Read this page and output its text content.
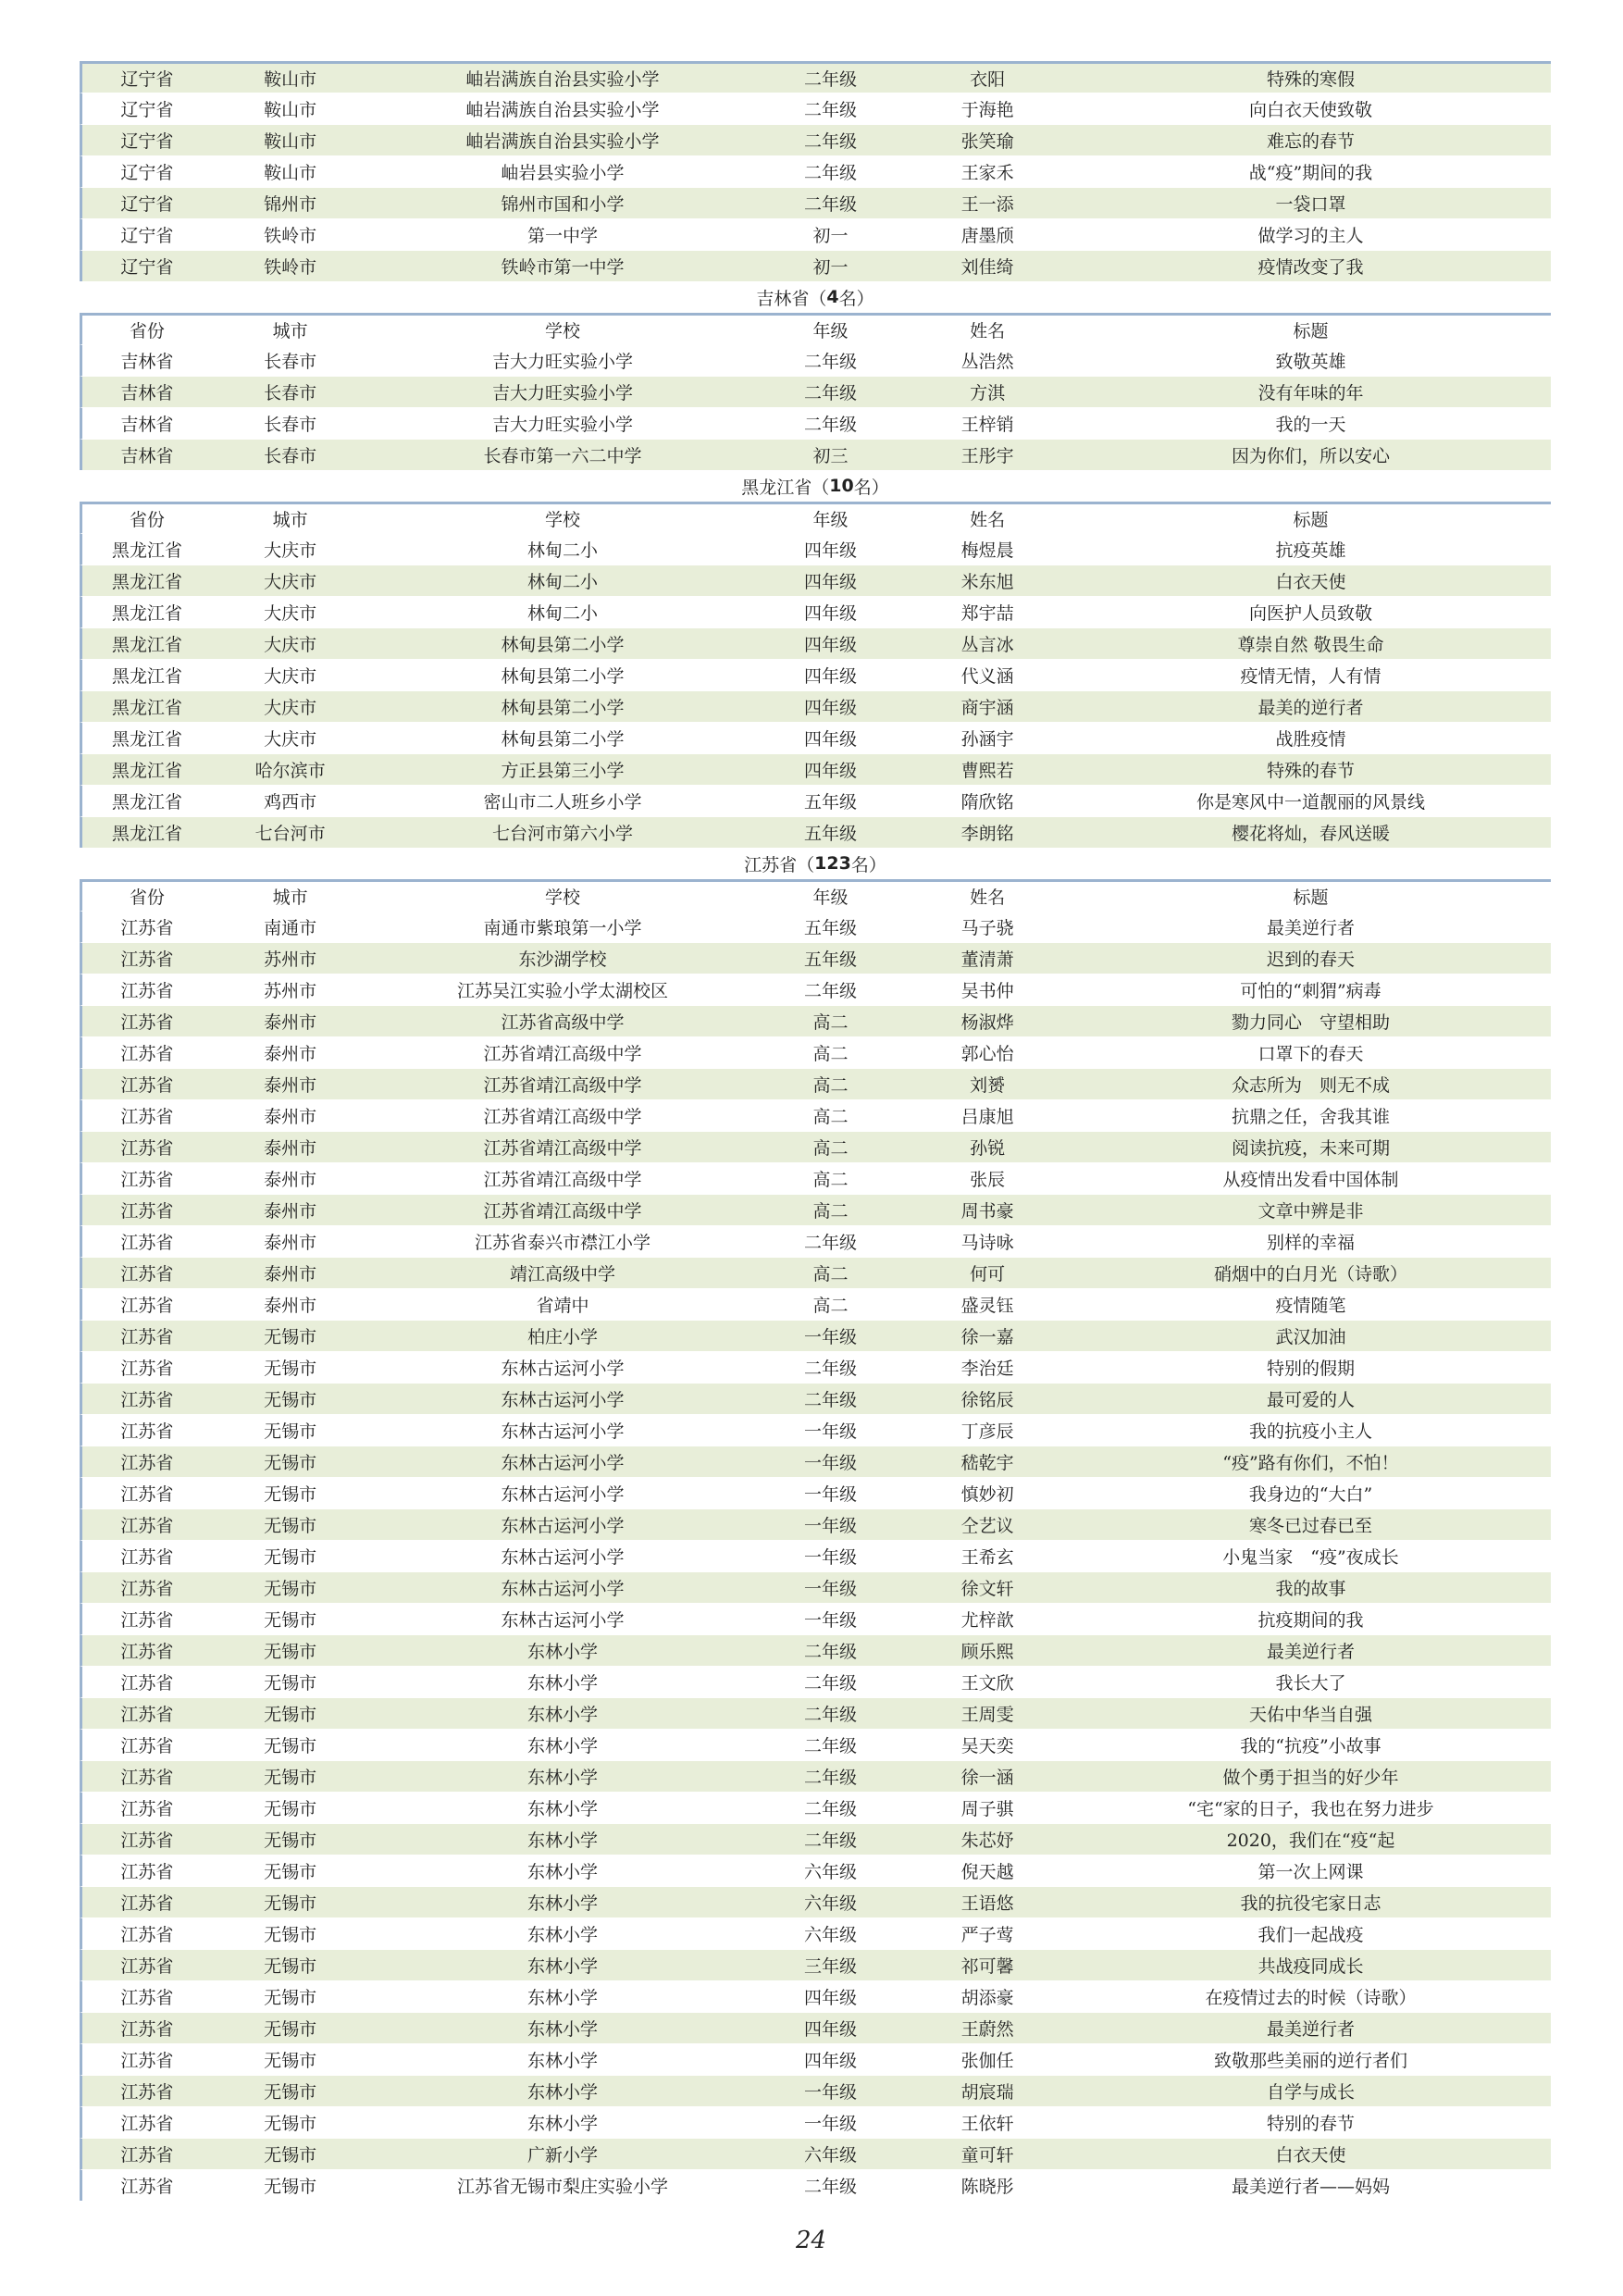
辽宁省	鞍山市	岫岩满族自治县实验小学	二年级	衣阳	特殊的寒假
辽宁省	鞍山市	岫岩满族自治县实验小学	二年级	于海艳	向白衣天使致敬
辽宁省	鞍山市	岫岩满族自治县实验小学	二年级	张笑瑜	难忘的春节
辽宁省	鞍山市	岫岩县实验小学	二年级	王家禾	战“疫”期间的我
辽宁省	锦州市	锦州市国和小学	二年级	王一添	一袋口罩
辽宁省	铁岭市	第一中学	初一	唐墨颀	做学习的主人
辽宁省	铁岭市	铁岭市第一中学	初一	刘佳绮	疫情改变了我
吉林省（ 4 名）
省份	城市	学校	年级	姓名	标题
吉林省	长春市	吉大力旺实验小学	二年级	丛浩然	致敬英雄
吉林省	长春市	吉大力旺实验小学	二年级	方淇	没有年味的年
吉林省	长春市	吉大力旺实验小学	二年级	王梓销	我的一天
吉林省	长春市	长春市第一六二中学	初三	王彤宇	因为你们，所以安心
黑龙江省（ 10 名）
省份	城市	学校	年级	姓名	标题
黑龙江省	大庆市	林甸二小	四年级	梅煜晨	抗疫英雄
黑龙江省	大庆市	林甸二小	四年级	米东旭	白衣天使
黑龙江省	大庆市	林甸二小	四年级	郑宇喆	向医护人员致敬
黑龙江省	大庆市	林甸县第二小学	四年级	丛言冰	尊崇自然 敬畏生命
黑龙江省	大庆市	林甸县第二小学	四年级	代义涵	疫情无情，人有情
黑龙江省	大庆市	林甸县第二小学	四年级	商宇涵	最美的逆行者
黑龙江省	大庆市	林甸县第二小学	四年级	孙涵宇	战胜疫情
黑龙江省	哈尔滨市	方正县第三小学	四年级	曹熙若	特殊的春节
黑龙江省	鸡西市	密山市二人班乡小学	五年级	隋欣铭	你是寒风中一道靓丽的风景线
黑龙江省	七台河市	七台河市第六小学	五年级	李朗铭	樱花将灿，春风送暖
江苏省（ 123 名）
省份	城市	学校	年级	姓名	标题
江苏省	南通市	南通市紫琅第一小学	五年级	马子骁	最美逆行者
江苏省	苏州市	东沙湖学校	五年级	董清萧	迟到的春天
江苏省	苏州市	江苏吴江实验小学太湖校区	二年级	吴书仲	可怕的“刺猬”病毒
江苏省	泰州市	江苏省高级中学	高二	杨淑烨	勠力同心　守望相助
江苏省	泰州市	江苏省靖江高级中学	高二	郭心怡	口罩下的春天
江苏省	泰州市	江苏省靖江高级中学	高二	刘赟	众志所为　则无不成
江苏省	泰州市	江苏省靖江高级中学	高二	吕康旭	抗鼎之任，舍我其谁
江苏省	泰州市	江苏省靖江高级中学	高二	孙锐	阅读抗疫，未来可期
江苏省	泰州市	江苏省靖江高级中学	高二	张辰	从疫情出发看中国体制
江苏省	泰州市	江苏省靖江高级中学	高二	周书豪	文章中辨是非
江苏省	泰州市	江苏省泰兴市襟江小学	二年级	马诗咏	别样的幸福
江苏省	泰州市	靖江高级中学	高二	何可	硝烟中的白月光（诗歌）
江苏省	泰州市	省靖中	高二	盛灵钰	疫情随笔
江苏省	无锡市	柏庄小学	一年级	徐一嘉	武汉加油
江苏省	无锡市	东林古运河小学	二年级	李治廷	特别的假期
江苏省	无锡市	东林古运河小学	二年级	徐铭辰	最可爱的人
江苏省	无锡市	东林古运河小学	一年级	丁彦辰	我的抗疫小主人
江苏省	无锡市	东林古运河小学	一年级	嵇乾宇	“疫”路有你们，不怕！
江苏省	无锡市	东林古运河小学	一年级	慎妙初	我身边的“大白”
江苏省	无锡市	东林古运河小学	一年级	仝艺议	寒冬已过春已至
江苏省	无锡市	东林古运河小学	一年级	王希玄	小鬼当家　“疫”夜成长
江苏省	无锡市	东林古运河小学	一年级	徐文轩	我的故事
江苏省	无锡市	东林古运河小学	一年级	尤梓歆	抗疫期间的我
江苏省	无锡市	东林小学	二年级	顾乐熙	最美逆行者
江苏省	无锡市	东林小学	二年级	王文欣	我长大了
江苏省	无锡市	东林小学	二年级	王周雯	天佑中华当自强
江苏省	无锡市	东林小学	二年级	吴天奕	我的“抗疫”小故事
江苏省	无锡市	东林小学	二年级	徐一涵	做个勇于担当的好少年
江苏省	无锡市	东林小学	二年级	周子骐	“宅“家的日子，我也在努力进步
江苏省	无锡市	东林小学	二年级	朱芯妤	2020，我们在“疫“起
江苏省	无锡市	东林小学	六年级	倪天越	第一次上网课
江苏省	无锡市	东林小学	六年级	王语悠	我的抗役宅家日志
江苏省	无锡市	东林小学	六年级	严子莺	我们一起战疫
江苏省	无锡市	东林小学	三年级	祁可馨	共战疫同成长
江苏省	无锡市	东林小学	四年级	胡添豪	在疫情过去的时候（诗歌）
江苏省	无锡市	东林小学	四年级	王蔚然	最美逆行者
江苏省	无锡市	东林小学	四年级	张伽任	致敬那些美丽的逆行者们
江苏省	无锡市	东林小学	一年级	胡宸瑞	自学与成长
江苏省	无锡市	东林小学	一年级	王依轩	特别的春节
江苏省	无锡市	广新小学	六年级	童可轩	白衣天使
江苏省	无锡市	江苏省无锡市梨庄实验小学	二年级	陈晓彤	最美逆行者——妈妈
24
